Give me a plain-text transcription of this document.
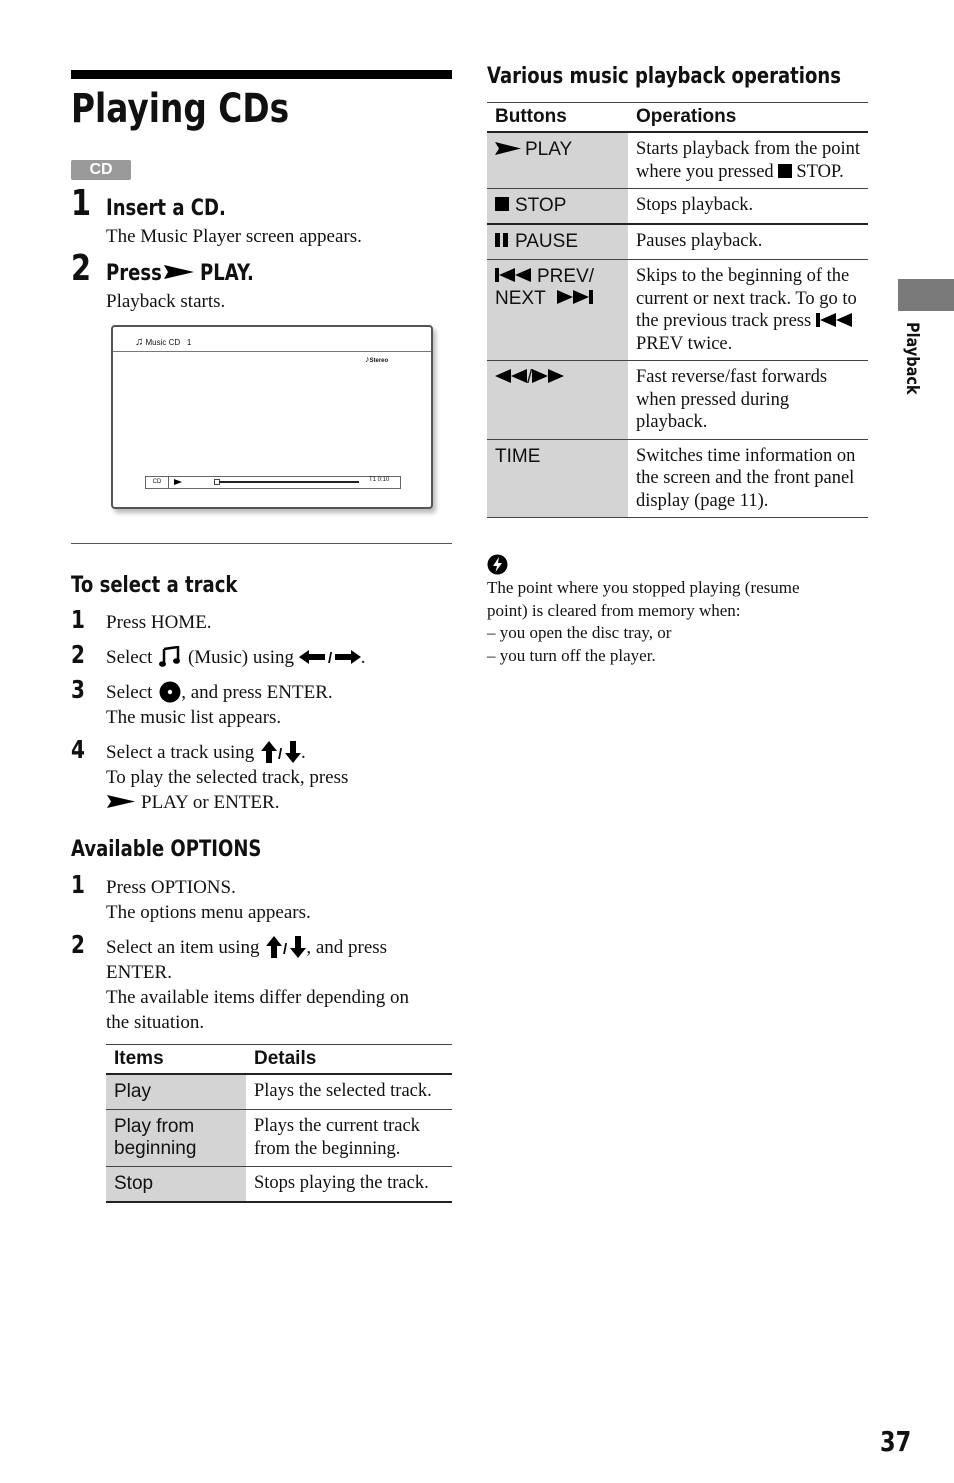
Playing CDs
CD
1 Insert a CD.
The Music Player screen appears.
2 Press	PLAY.
Playback starts.
♫ Music CD 1
♪Stereo
CD	T1 0:10
To select a track
1 Press HOME.
2 Select (Music) using / .
3 Select , and press ENTER.
The music list appears.
4 Select a track using / .
To play the selected track, press
PLAY or ENTER.
Available OPTIONS
1 Press OPTIONS.
The options menu appears.
2 Select an item using / , and press
ENTER.
The available items differ depending on
the situation.
Items	Details
Play	Plays the selected track.
Play from beginning	Plays the current track from the beginning.
Stop	Stops playing the track.
Various music playback operations
Buttons	Operations
PLAY	Starts playback from the point where you pressed STOP.
STOP	Stops playback.
PAUSE	Pauses playback.
PREV/
NEXT	Skips to the beginning of the current or next track. To go to the previous track press PREV twice.
/	Fast reverse/fast forwards when pressed during playback.
TIME	Switches time information on the screen and the front panel display (page 11).
The point where you stopped playing (resume
point) is cleared from memory when:
– you open the disc tray, or
– you turn off the player.
Playback
37
